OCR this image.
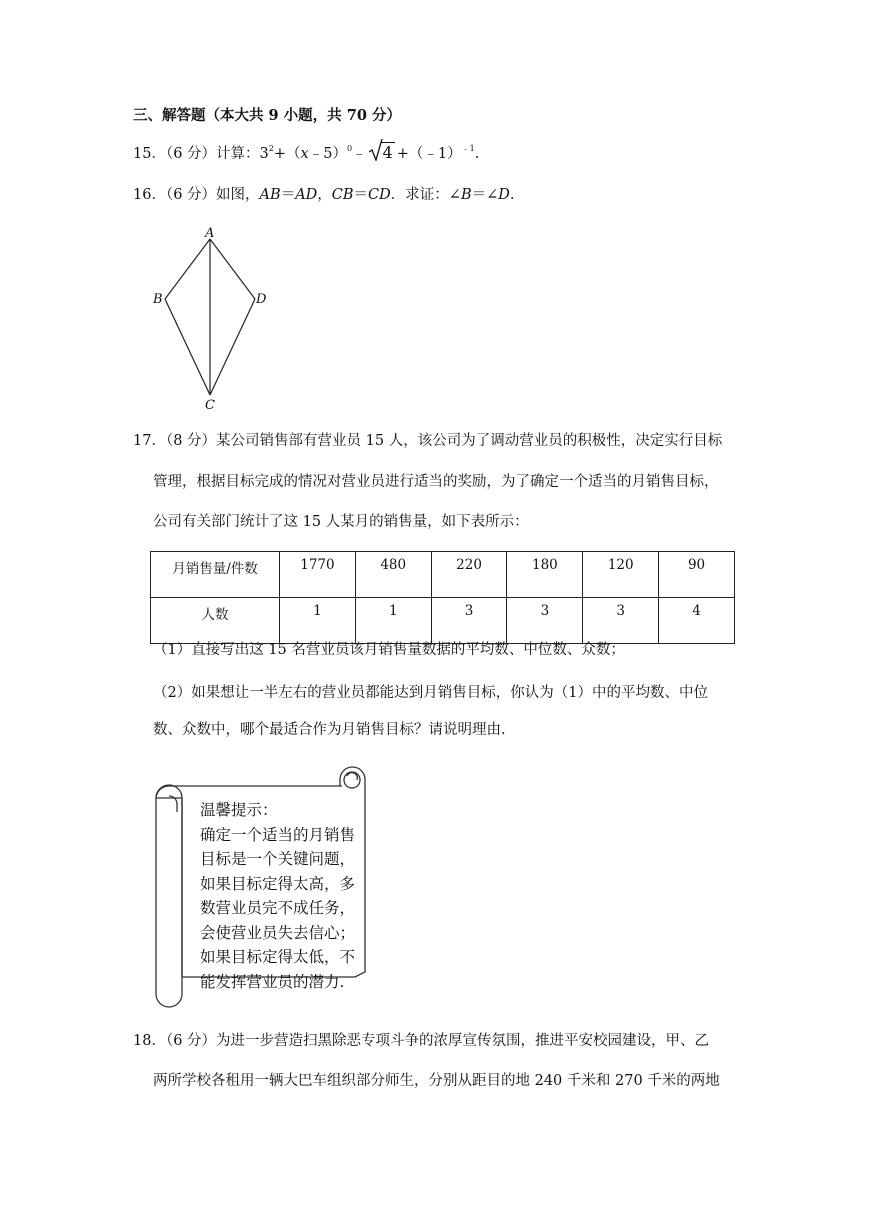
三、解答题（本大共 9 小题，共 70 分）
15．（6 分）计算：$3^2+(x﹣5)^0﹣$ 4 +（﹣1）$^{﹣1}$.
16．（6 分）如图，AB＝AD，CB＝CD．求证：∠B＝∠D.
A
B	D
C
17．（8 分）某公司销售部有营业员 15 人，该公司为了调动营业员的积极性，决定实行目标
管理，根据目标完成的情况对营业员进行适当的奖励，为了确定一个适当的月销售目标，
公司有关部门统计了这 15 人某月的销售量，如下表所示：
月销售量/件数	1770	480	220	180	120	90
人数	1	1	3	3	3	4
（1）直接写出这 15 名营业员该月销售量数据的平均数、中位数、众数；
（2）如果想让一半左右的营业员都能达到月销售目标，你认为（1）中的平均数、中位
数、众数中，哪个最适合作为月销售目标？请说明理由.
温馨提示：
确定一个适当的月销售
目标是一个关键问题，
如果目标定得太高，多
数营业员完不成任务，
会使营业员失去信心；
如果目标定得太低，不
能发挥营业员的潜力.
18．（6 分）为进一步营造扫黑除恶专项斗争的浓厚宣传氛围，推进平安校园建设，甲、乙
两所学校各租用一辆大巴车组织部分师生，分别从距目的地 240 千米和 270 千米的两地
